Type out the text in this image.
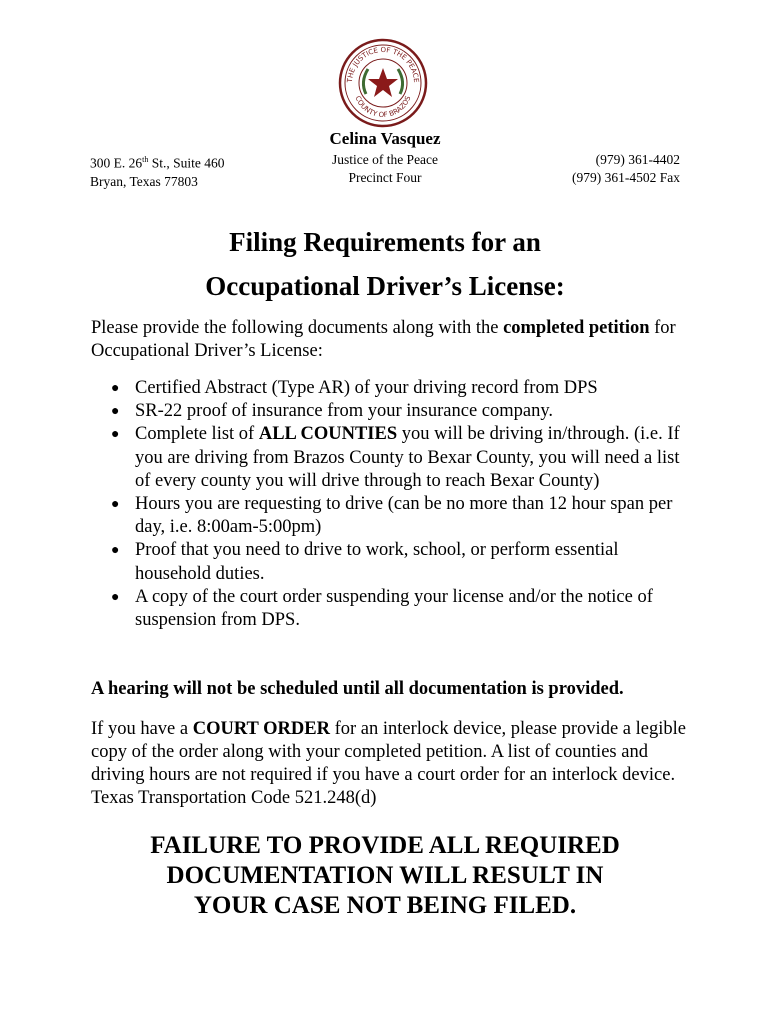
THE JUSTICE OF THE PEACE
COUNTY OF BRAZOS
Celina Vasquez
300 E. 26th St., Suite 460
Bryan, Texas 77803
Justice of the Peace
Precinct Four
(979) 361-4402
(979) 361-4502 Fax
Filing Requirements for an
Occupational Driver’s License:
Please provide the following documents along with the completed petition for Occupational Driver’s License:
● Certified Abstract (Type AR) of your driving record from DPS
● SR-22 proof of insurance from your insurance company.
● Complete list of ALL COUNTIES you will be driving in/through. (i.e. If you are driving from Brazos County to Bexar County, you will need a list of every county you will drive through to reach Bexar County)
● Hours you are requesting to drive (can be no more than 12 hour span per day, i.e. 8:00am-5:00pm)
● Proof that you need to drive to work, school, or perform essential household duties.
● A copy of the court order suspending your license and/or the notice of suspension from DPS.
A hearing will not be scheduled until all documentation is provided.
If you have a COURT ORDER for an interlock device, please provide a legible copy of the order along with your completed petition. A list of counties and driving hours are not required if you have a court order for an interlock device. Texas Transportation Code 521.248(d)
FAILURE TO PROVIDE ALL REQUIRED
DOCUMENTATION WILL RESULT IN
YOUR CASE NOT BEING FILED.
